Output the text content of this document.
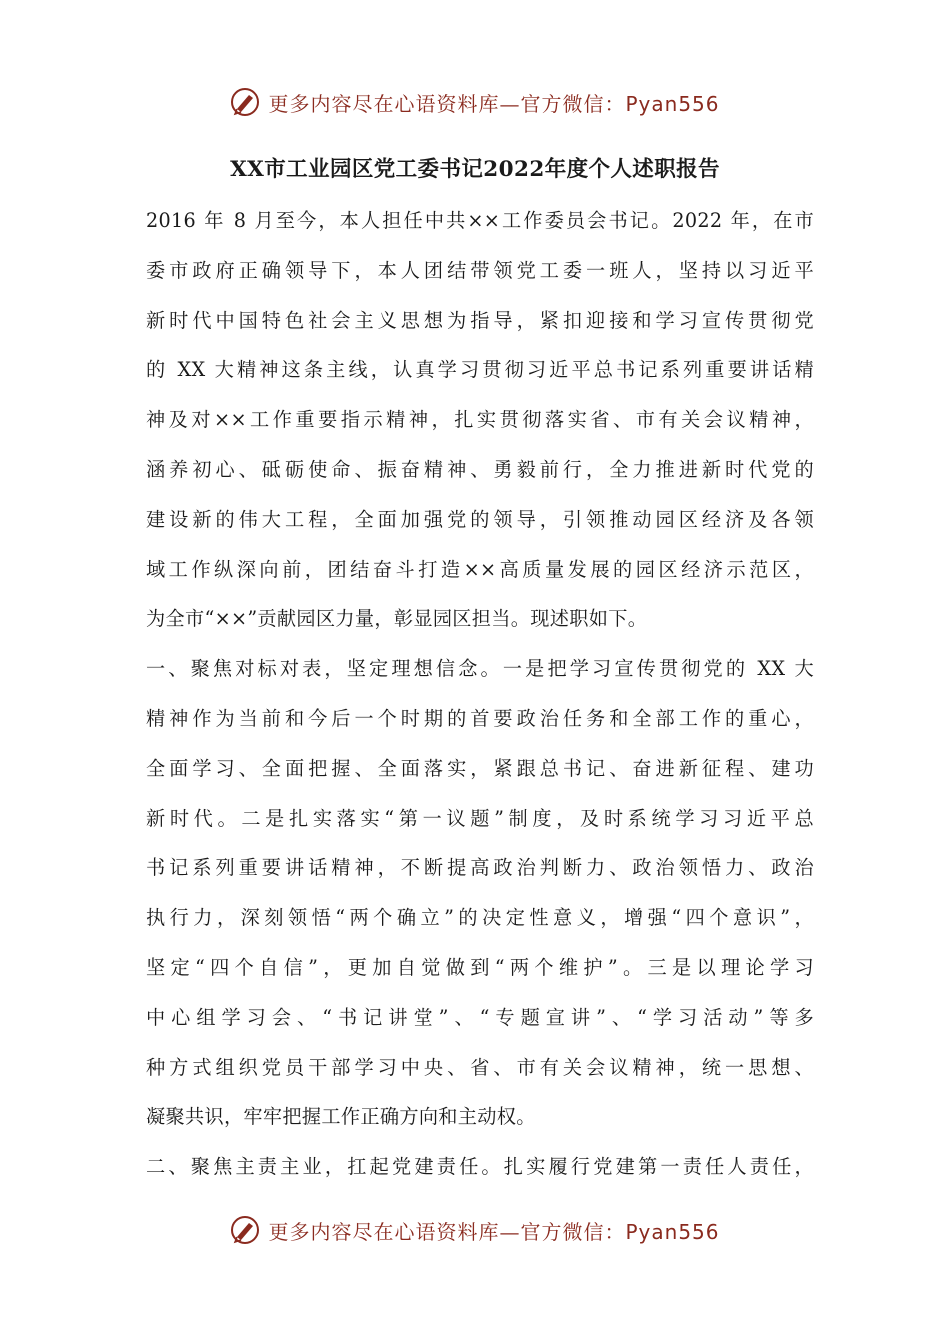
更多内容尽在心语资料库—官方微信：Pyan556
XX市工业园区党工委书记2022年度个人述职报告
2016 年 8 月至今，本人担任中共××工作委员会书记。2022 年，在市
委市政府正确领导下，本人团结带领党工委一班人，坚持以习近平
新时代中国特色社会主义思想为指导，紧扣迎接和学习宣传贯彻党
的 XX 大精神这条主线，认真学习贯彻习近平总书记系列重要讲话精
神及对××工作重要指示精神，扎实贯彻落实省、市有关会议精神，
涵养初心、砥砺使命、振奋精神、勇毅前行，全力推进新时代党的
建设新的伟大工程，全面加强党的领导，引领推动园区经济及各领
域工作纵深向前，团结奋斗打造××高质量发展的园区经济示范区，
为全市“××”贡献园区力量，彰显园区担当。现述职如下。
一、聚焦对标对表，坚定理想信念。一是把学习宣传贯彻党的 XX 大
精神作为当前和今后一个时期的首要政治任务和全部工作的重心，
全面学习、全面把握、全面落实，紧跟总书记、奋进新征程、建功
新时代。二是扎实落实“第一议题”制度，及时系统学习习近平总
书记系列重要讲话精神，不断提高政治判断力、政治领悟力、政治
执行力，深刻领悟“两个确立”的决定性意义，增强“四个意识”，
坚定“四个自信”，更加自觉做到“两个维护”。三是以理论学习
中心组学习会、“书记讲堂”、“专题宣讲”、“学习活动”等多
种方式组织党员干部学习中央、省、市有关会议精神，统一思想、
凝聚共识，牢牢把握工作正确方向和主动权。
二、聚焦主责主业，扛起党建责任。扎实履行党建第一责任人责任，
更多内容尽在心语资料库—官方微信：Pyan556
